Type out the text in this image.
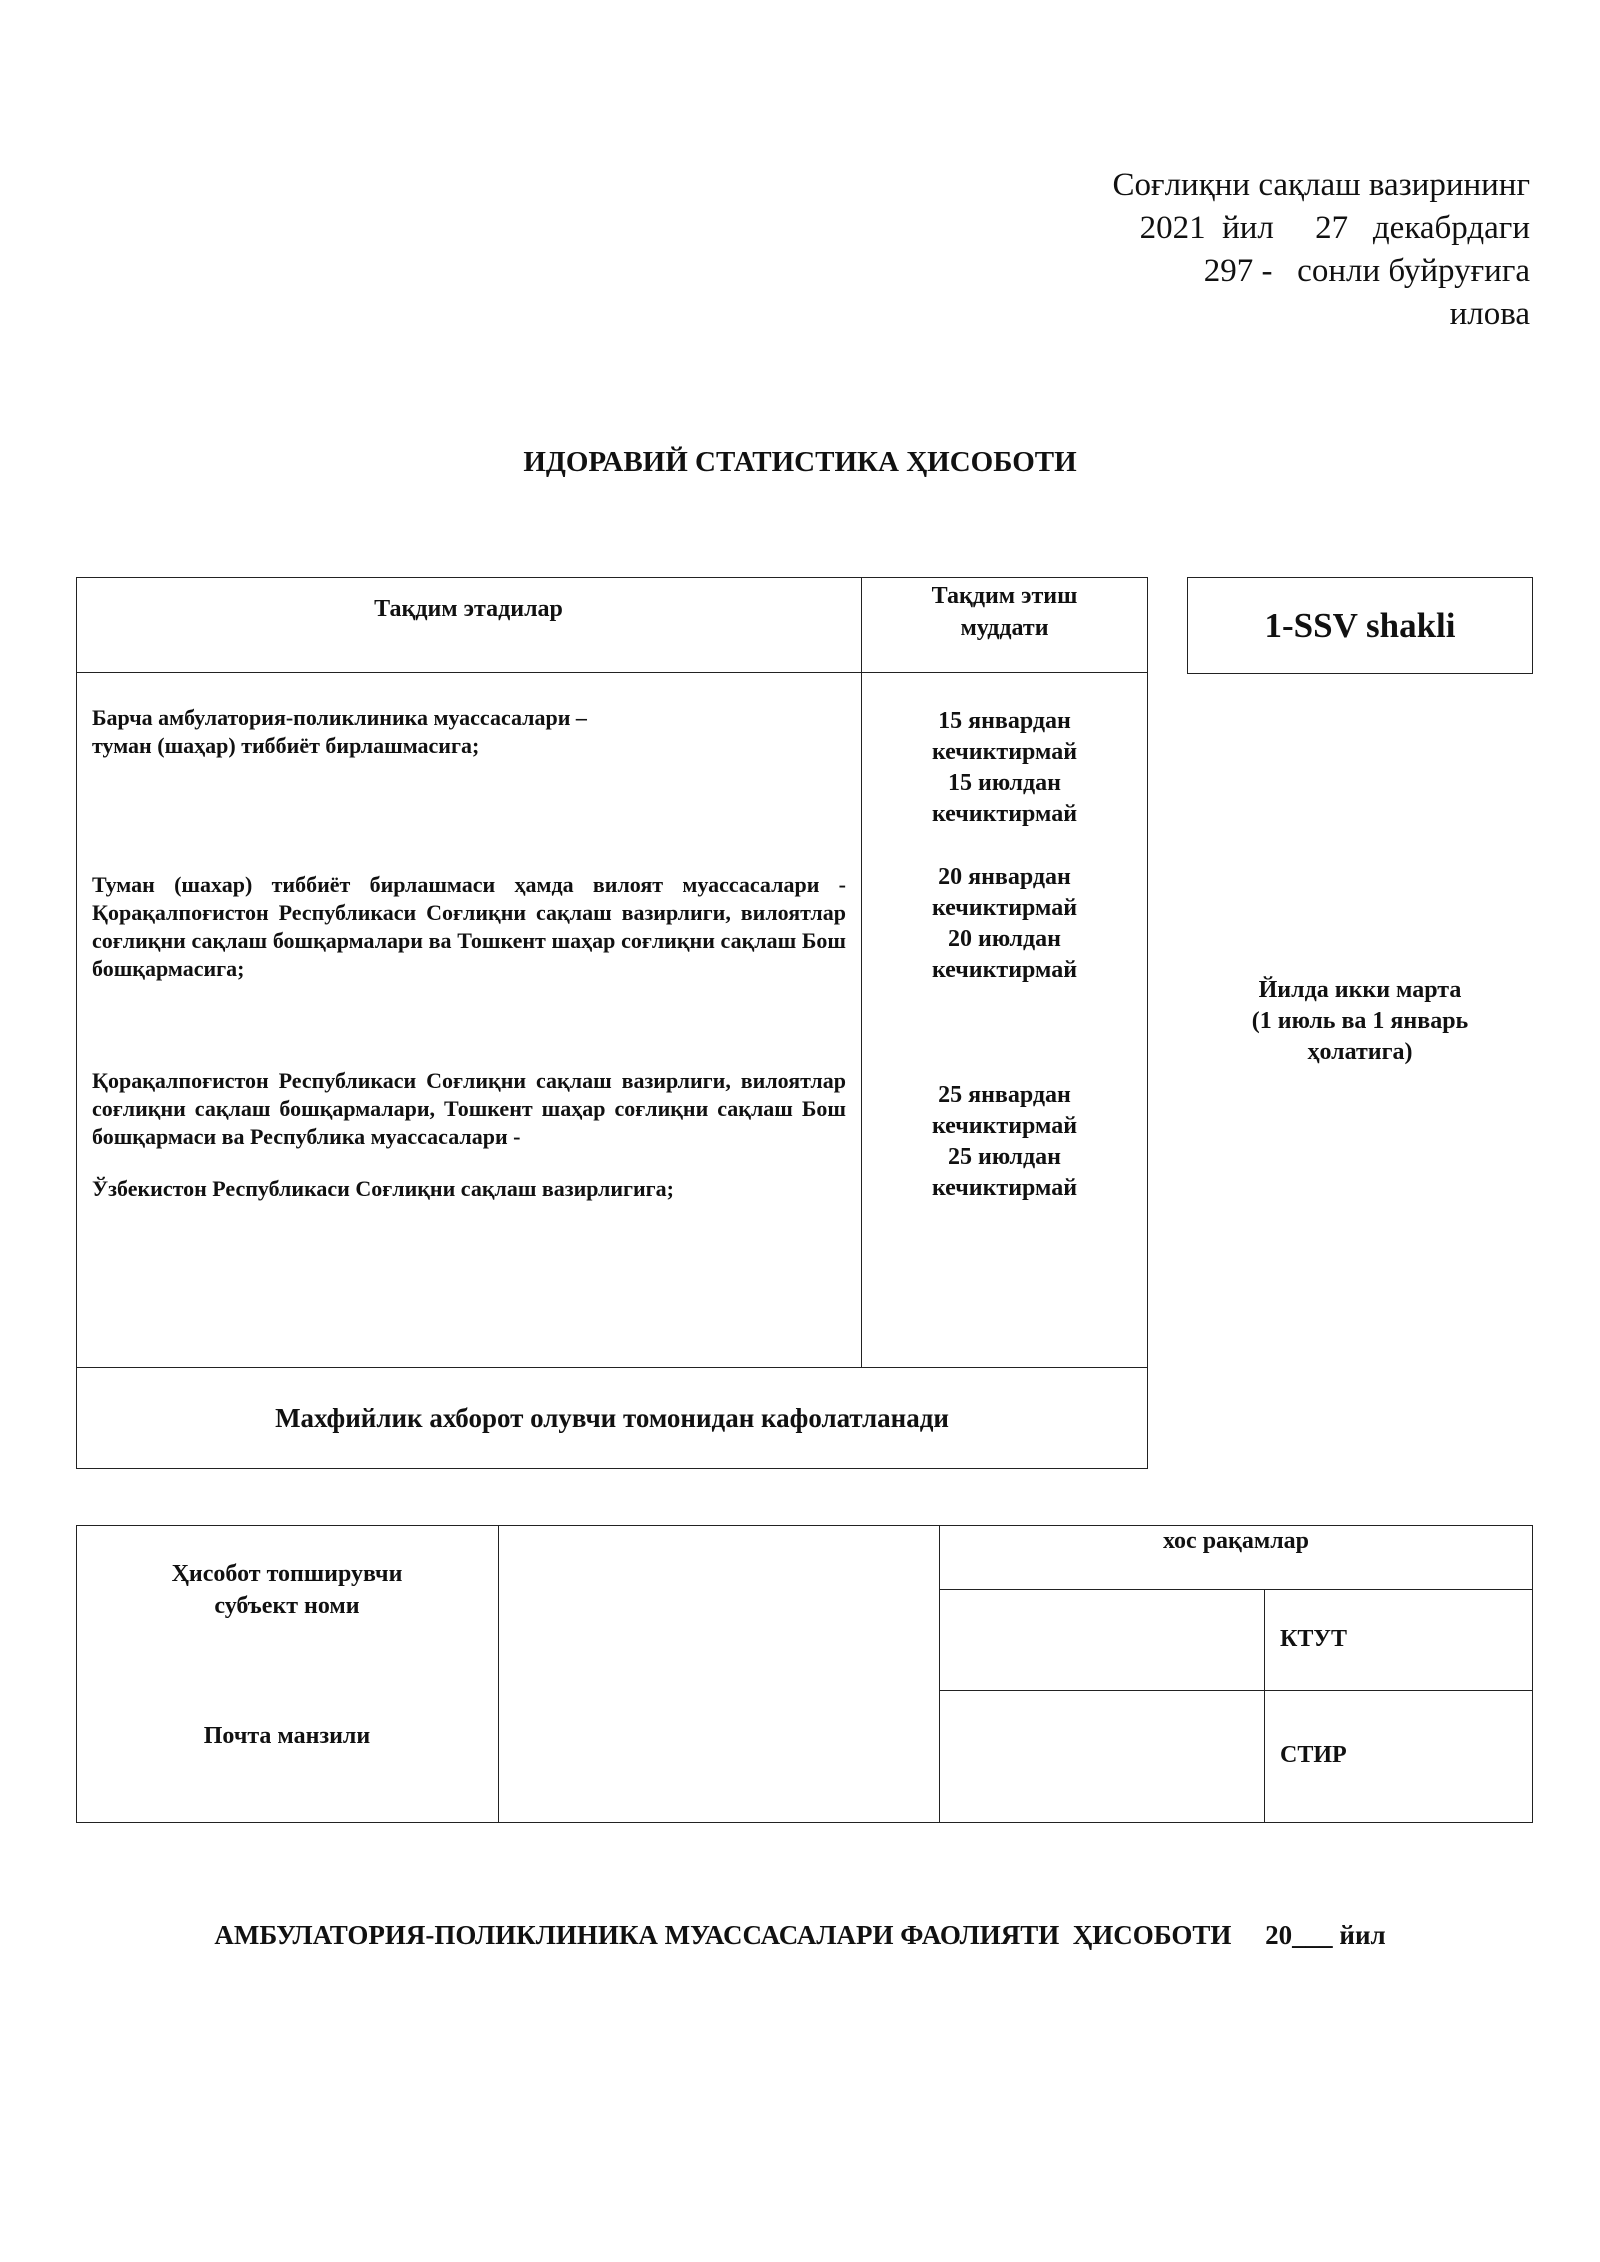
Соғлиқни сақлаш вазирининг
2021  йил     27   декабрдаги
297 -   сонли буйруғига
илова
ИДОРАВИЙ СТАТИСТИКА ҲИСОБОТИ
Тақдим этадилар	Тақдим этиш
муддати
Барча амбулатория-поликлиника муассасалари –
туман (шаҳар) тиббиёт бирлашмасига;
15 январдан
кечиктирмай
15 июлдан
кечиктирмай
Туман (шахар) тиббиёт бирлашмаси ҳамда вилоят муассасалари - Қорақалпоғистон Республикаси Соғлиқни сақлаш вазирлиги, вилоятлар соғлиқни сақлаш бошқармалари ва Тошкент шаҳар соғлиқни сақлаш Бош бошқармасига;
20 январдан
кечиктирмай
20 июлдан
кечиктирмай
Қорақалпоғистон Республикаси Соғлиқни сақлаш вазирлиги, вилоятлар соғлиқни сақлаш бошқармалари, Тошкент шаҳар соғлиқни сақлаш Бош бошқармаси ва Республика муассасалари -
Ўзбекистон Республикаси Соғлиқни сақлаш вазирлигига;
25 январдан
кечиктирмай
25 июлдан
кечиктирмай
Махфийлик ахборот олувчи томонидан кафолатланади
1-SSV shakli
Йилда икки марта
(1 июль ва 1 январь
ҳолатига)
Ҳисобот топширувчи
субъект номи
Почта манзили
хос рақамлар
КТУТ
СТИР
АМБУЛАТОРИЯ-ПОЛИКЛИНИКА МУАССАСАЛАРИ ФАОЛИЯТИ  ҲИСОБОТИ     20___ йил
